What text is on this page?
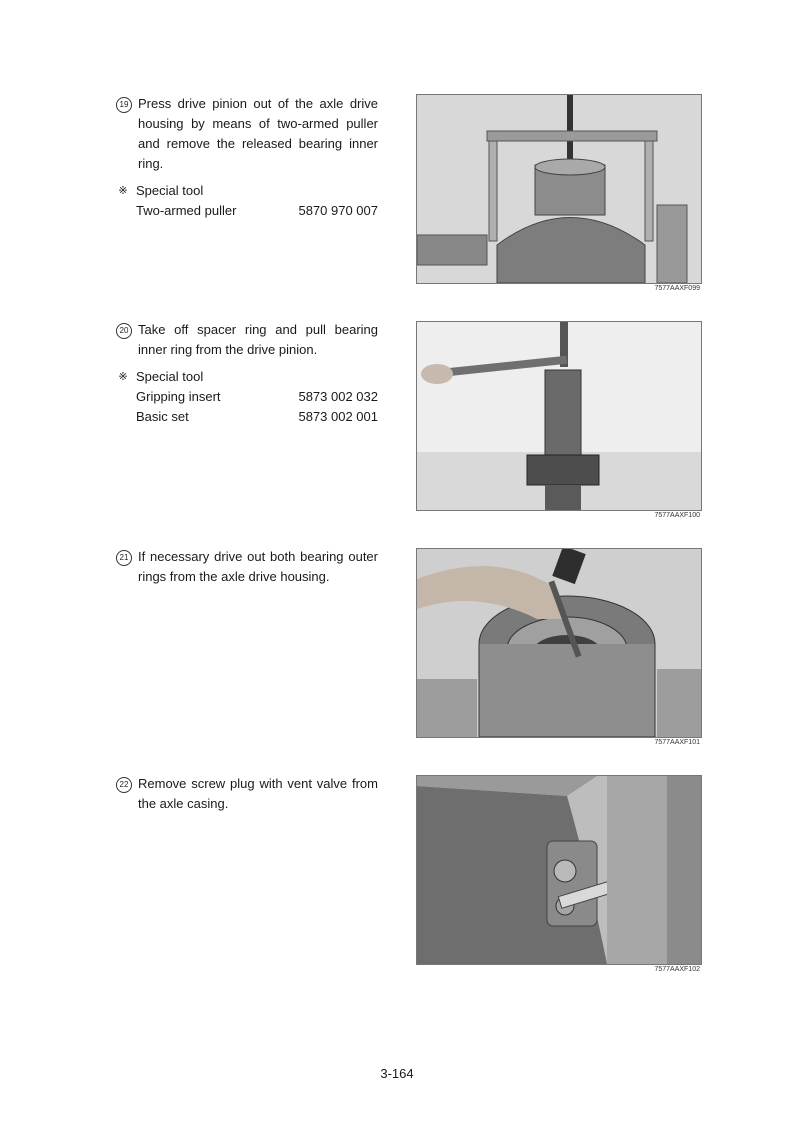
19 Press drive pinion out of the axle drive housing by means of two-armed puller and remove the released bearing inner ring.
※ Special tool
Two-armed puller	5870 970 007
7577AAXF099
20 Take off spacer ring and pull bearing inner ring from the drive pinion.
※ Special tool
Gripping insert	5873 002 032
Basic set	5873 002 001
7577AAXF100
21 If necessary drive out both bearing outer rings from the axle drive housing.
7577AAXF101
22 Remove screw plug with vent valve from the axle casing.
7577AAXF102
3-164
